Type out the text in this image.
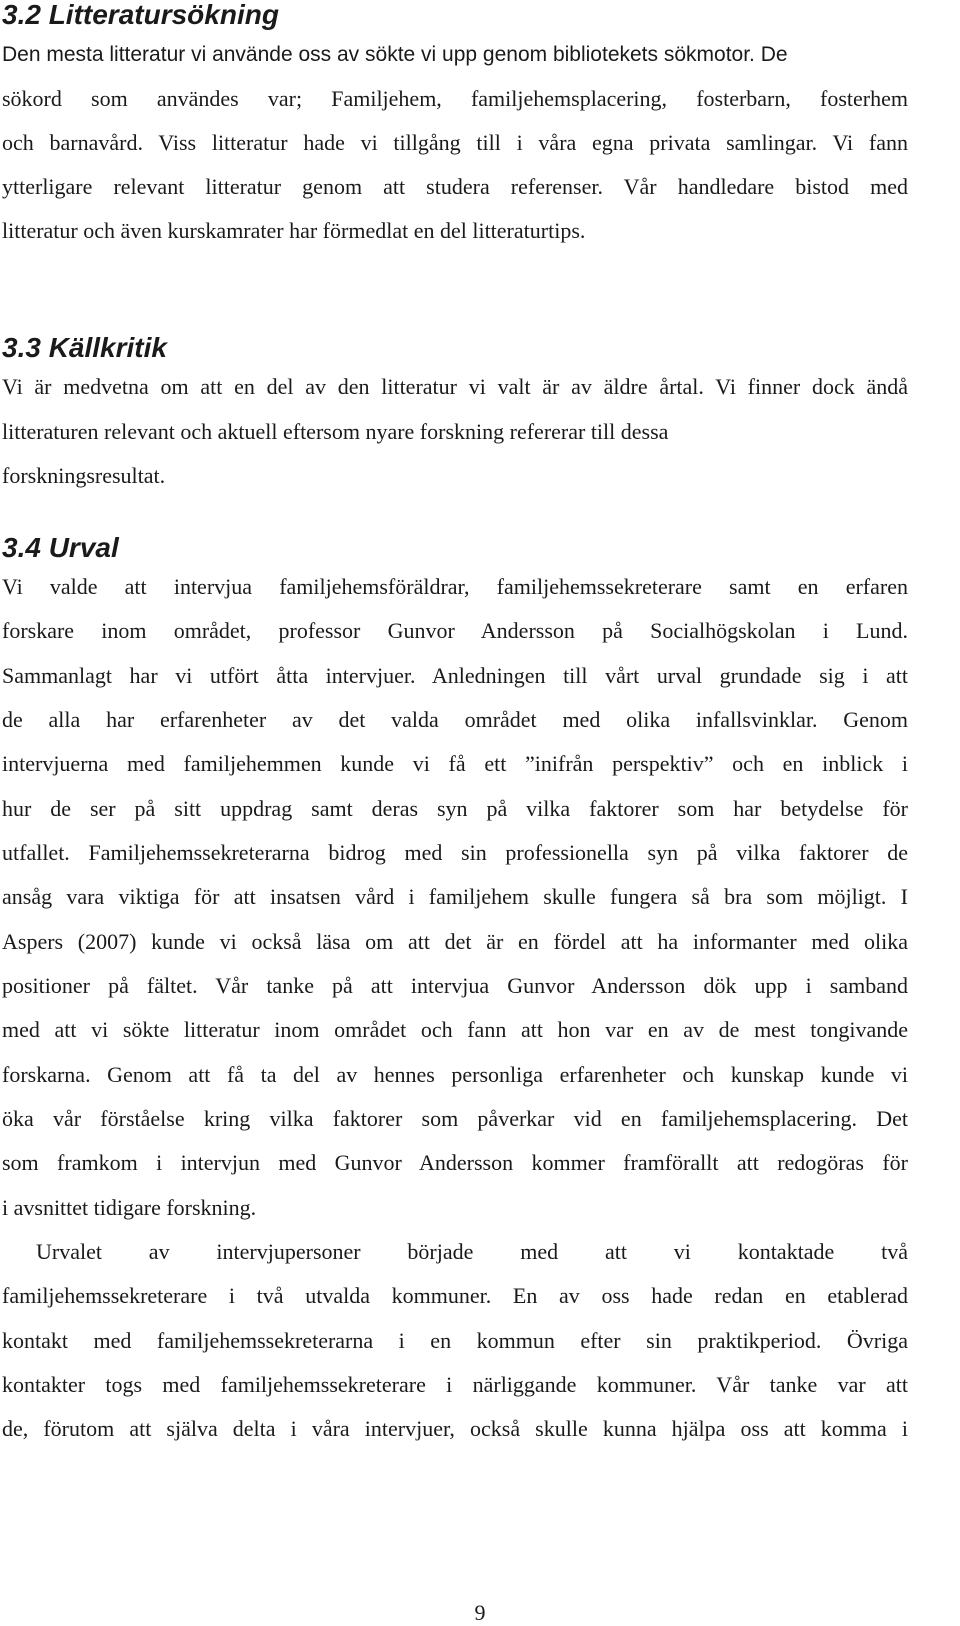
3.2 Litteratursökning

Den mesta litteratur vi använde oss av sökte vi upp genom bibliotekets sökmotor. De

sökord som användes var; Familjehem, familjehemsplacering, fosterbarn, fosterhem

och barnavård. Viss litteratur hade vi tillgång till i våra egna privata samlingar. Vi fann

ytterligare relevant litteratur genom att studera referenser. Vår handledare bistod med

litteratur och även kurskamrater har förmedlat en del litteraturtips.

3.3 Källkritik

Vi är medvetna om att en del av den litteratur vi valt är av äldre årtal. Vi finner dock ändå

litteraturen relevant och aktuell eftersom nyare forskning refererar till dessa

forskningsresultat.

3.4 Urval

Vi valde att intervjua familjehemsföräldrar, familjehemssekreterare samt en erfaren

forskare inom området, professor Gunvor Andersson på Socialhögskolan i Lund.

Sammanlagt har vi utfört åtta intervjuer. Anledningen till vårt urval grundade sig i att

de alla har erfarenheter av det valda området med olika infallsvinklar. Genom

intervjuerna med familjehemmen kunde vi få ett ”inifrån perspektiv” och en inblick i

hur de ser på sitt uppdrag samt deras syn på vilka faktorer som har betydelse för

utfallet. Familjehemssekreterarna bidrog med sin professionella syn på vilka faktorer de

ansåg vara viktiga för att insatsen vård i familjehem skulle fungera så bra som möjligt. I

Aspers (2007) kunde vi också läsa om att det är en fördel att ha informanter med olika

positioner på fältet. Vår tanke på att intervjua Gunvor Andersson dök upp i samband

med att vi sökte litteratur inom området och fann att hon var en av de mest tongivande

forskarna. Genom att få ta del av hennes personliga erfarenheter och kunskap kunde vi

öka vår förståelse kring vilka faktorer som påverkar vid en familjehemsplacering. Det

som framkom i intervjun med Gunvor Andersson kommer framförallt att redogöras för

i avsnittet tidigare forskning.

Urvalet av intervjupersoner började med att vi kontaktade två

familjehemssekreterare i två utvalda kommuner. En av oss hade redan en etablerad

kontakt med familjehemssekreterarna i en kommun efter sin praktikperiod. Övriga

kontakter togs med familjehemssekreterare i närliggande kommuner. Vår tanke var att

de, förutom att själva delta i våra intervjuer, också skulle kunna hjälpa oss att komma i

9
